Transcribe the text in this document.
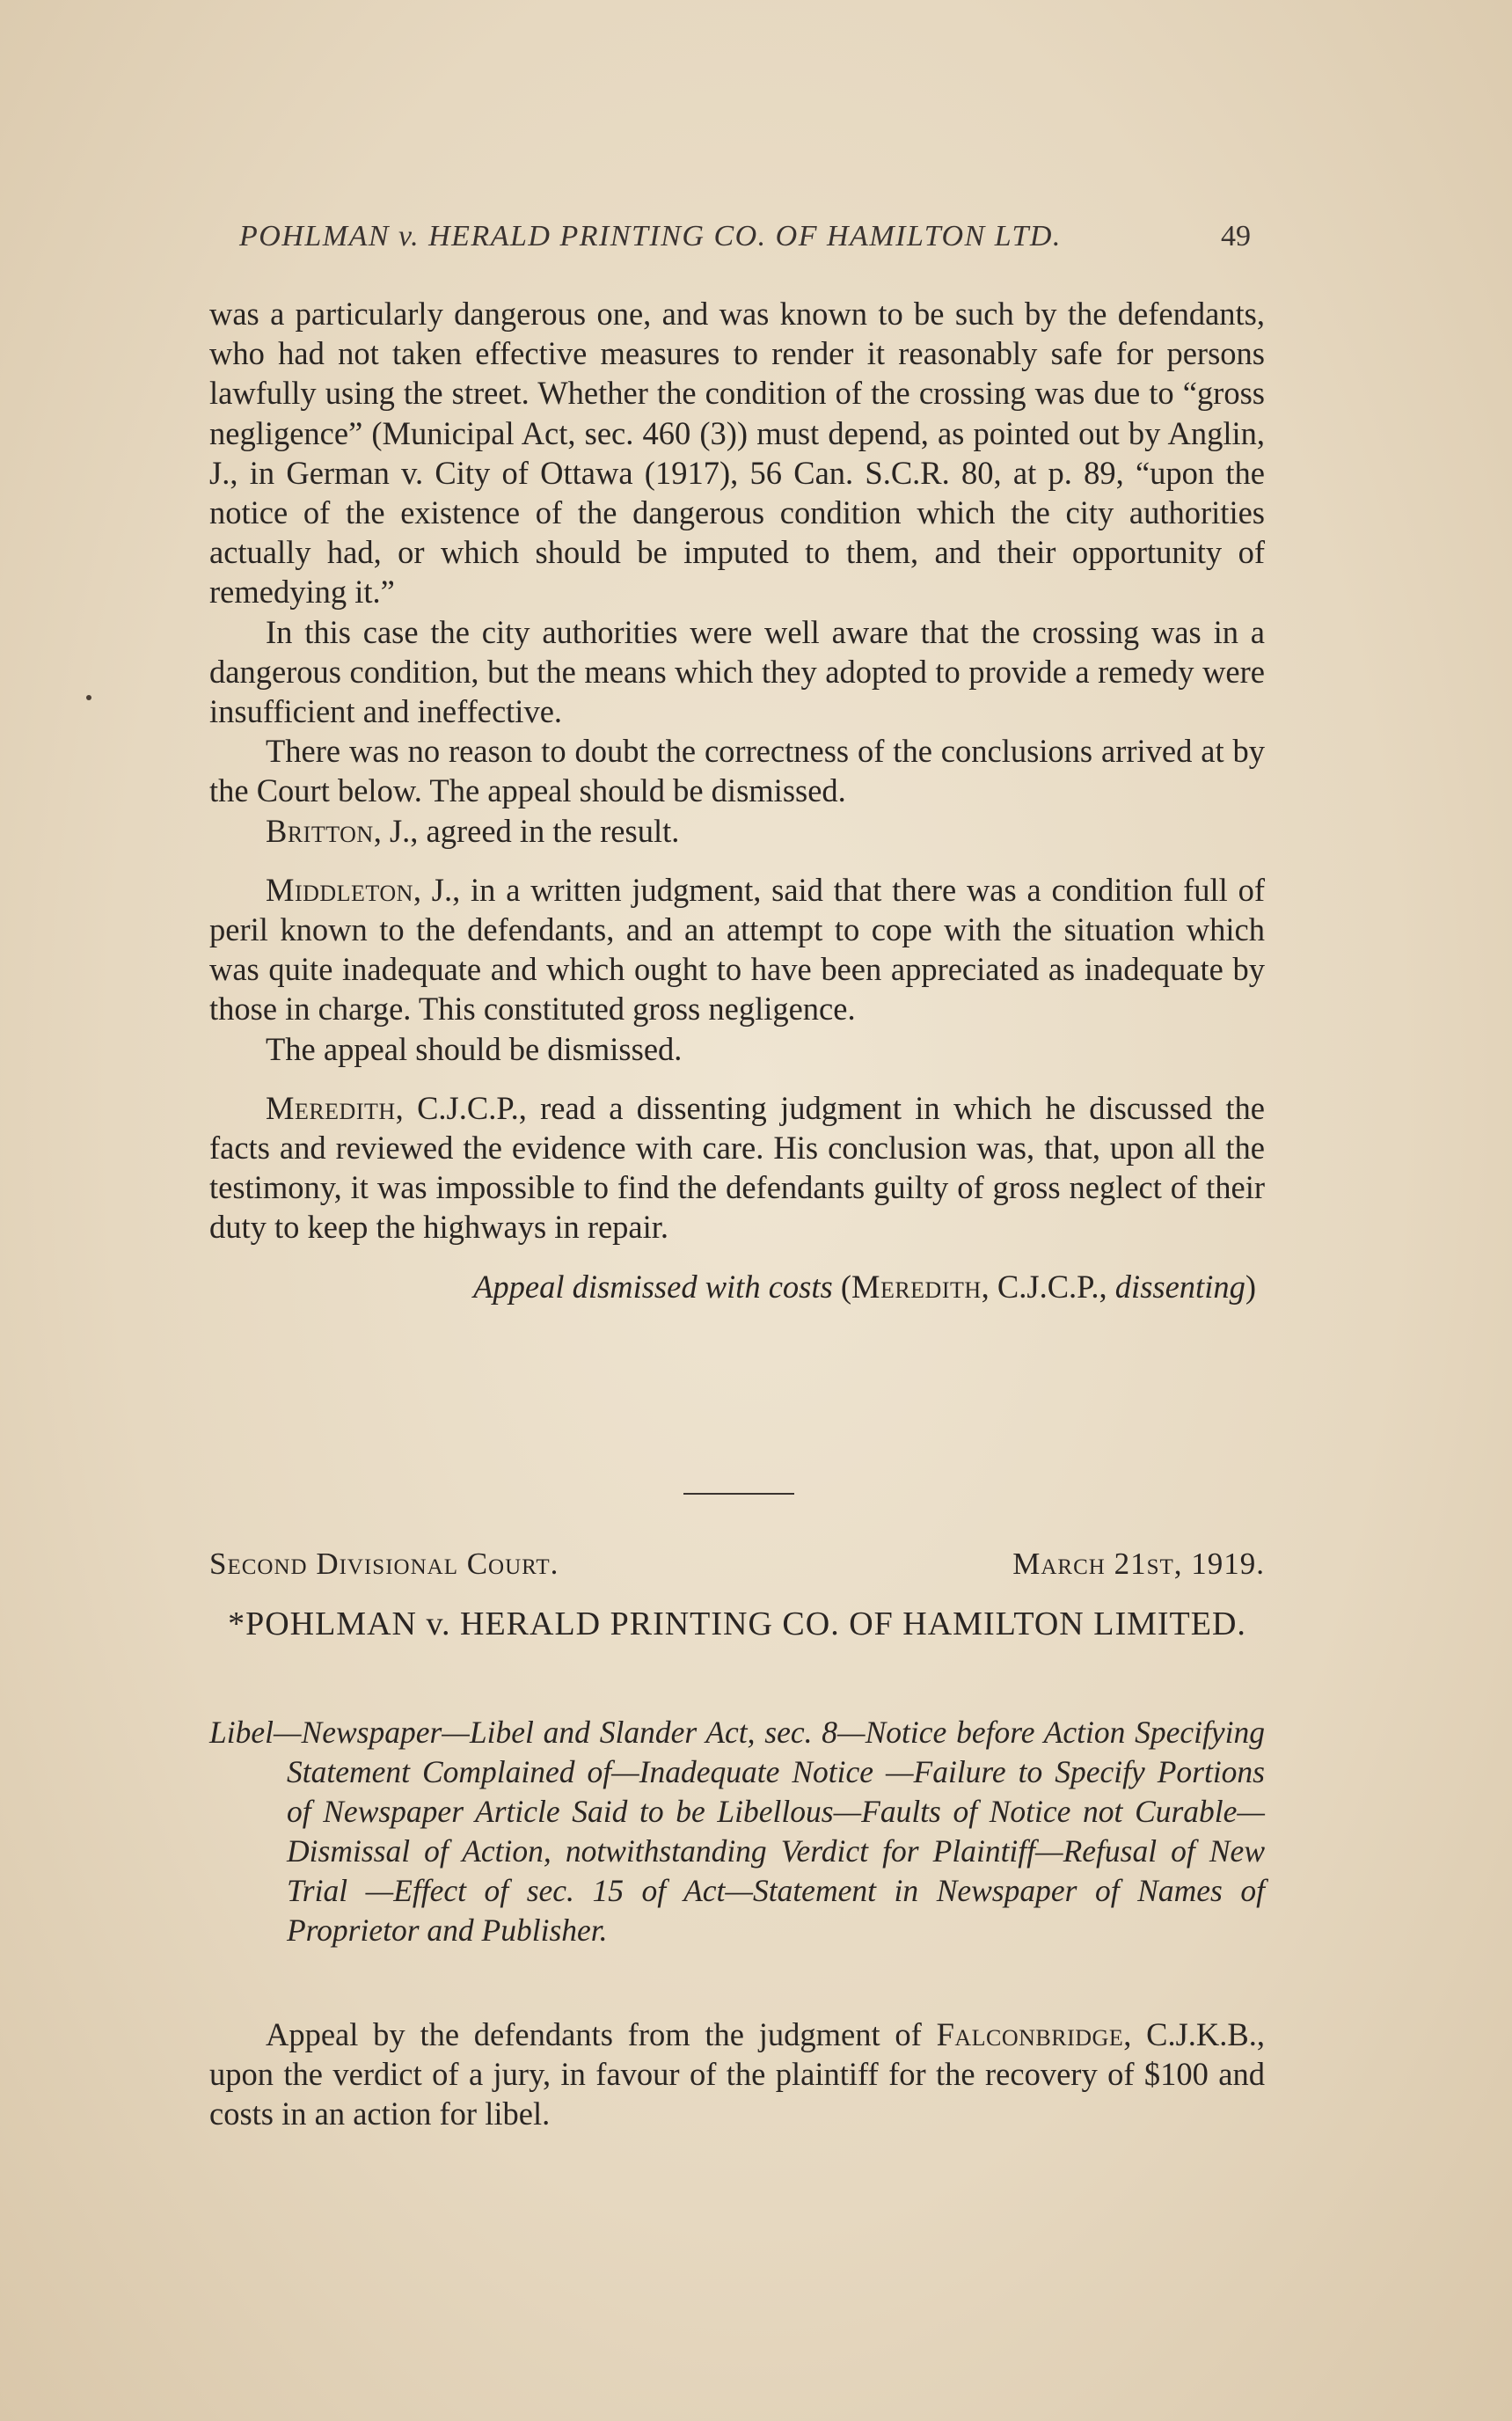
POHLMAN v. HERALD PRINTING CO. OF HAMILTON LTD.	49

was a particularly dangerous one, and was known to be such by the defendants, who had not taken effective measures to render it reasonably safe for persons lawfully using the street. Whether the condition of the crossing was due to “gross negligence” (Municipal Act, sec. 460 (3)) must depend, as pointed out by Anglin, J., in German v. City of Ottawa (1917), 56 Can. S.C.R. 80, at p. 89, “upon the notice of the existence of the dangerous condition which the city authorities actually had, or which should be imputed to them, and their opportunity of remedying it.”

In this case the city authorities were well aware that the crossing was in a dangerous condition, but the means which they adopted to provide a remedy were insufficient and ineffective.

There was no reason to doubt the correctness of the conclusions arrived at by the Court below. The appeal should be dismissed.

Britton, J., agreed in the result.

Middleton, J., in a written judgment, said that there was a condition full of peril known to the defendants, and an attempt to cope with the situation which was quite inadequate and which ought to have been appreciated as inadequate by those in charge. This constituted gross negligence.

The appeal should be dismissed.

Meredith, C.J.C.P., read a dissenting judgment in which he discussed the facts and reviewed the evidence with care. His conclusion was, that, upon all the testimony, it was impossible to find the defendants guilty of gross neglect of their duty to keep the highways in repair.

Appeal dismissed with costs (Meredith, C.J.C.P., dissenting)

Second Divisional Court.	March 21st, 1919.
*POHLMAN v. HERALD PRINTING CO. OF HAMILTON LIMITED.
Libel—Newspaper—Libel and Slander Act, sec. 8—Notice before Action Specifying Statement Complained of—Inadequate Notice —Failure to Specify Portions of Newspaper Article Said to be Libellous—Faults of Notice not Curable—Dismissal of Action, notwithstanding Verdict for Plaintiff—Refusal of New Trial —Effect of sec. 15 of Act—Statement in Newspaper of Names of Proprietor and Publisher.

Appeal by the defendants from the judgment of Falconbridge, C.J.K.B., upon the verdict of a jury, in favour of the plaintiff for the recovery of $100 and costs in an action for libel.
